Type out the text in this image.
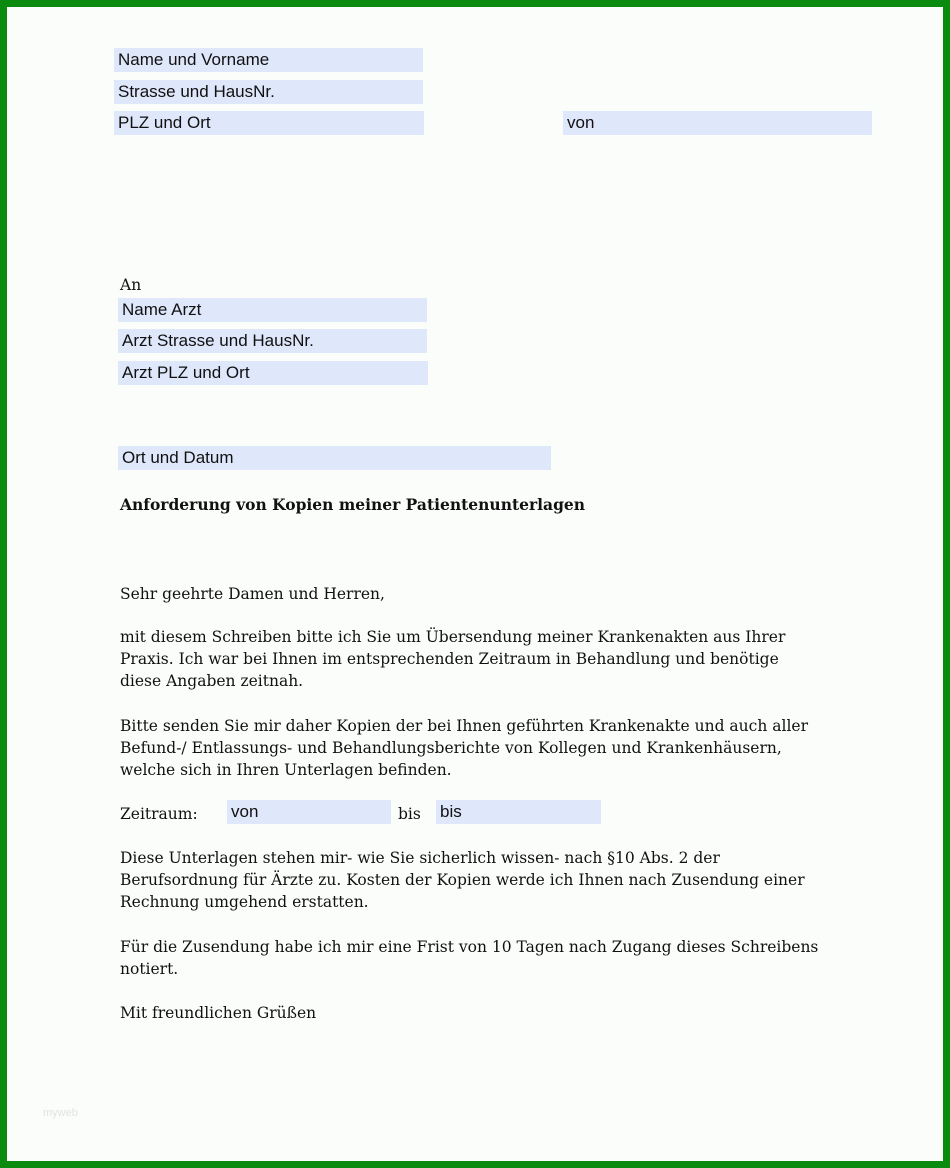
Name und Vorname
Strasse und HausNr.
PLZ und Ort	von
An
Name Arzt
Arzt Strasse und HausNr.
Arzt PLZ und Ort
Ort und Datum
Anforderung von Kopien meiner Patientenunterlagen
Sehr geehrte Damen und Herren,
mit diesem Schreiben bitte ich Sie um Übersendung meiner Krankenakten aus Ihrer Praxis. Ich war bei Ihnen im entsprechenden Zeitraum in Behandlung und benötige diese Angaben zeitnah.
Bitte senden Sie mir daher Kopien der bei Ihnen geführten Krankenakte und auch aller Befund-/ Entlassungs- und Behandlungsberichte von Kollegen und Krankenhäusern, welche sich in Ihren Unterlagen befinden.
Zeitraum: von	bis bis
Diese Unterlagen stehen mir- wie Sie sicherlich wissen- nach §10 Abs. 2 der Berufsordnung für Ärzte zu. Kosten der Kopien werde ich Ihnen nach Zusendung einer Rechnung umgehend erstatten.
Für die Zusendung habe ich mir eine Frist von 10 Tagen nach Zugang dieses Schreibens notiert.
Mit freundlichen Grüßen
myweb
